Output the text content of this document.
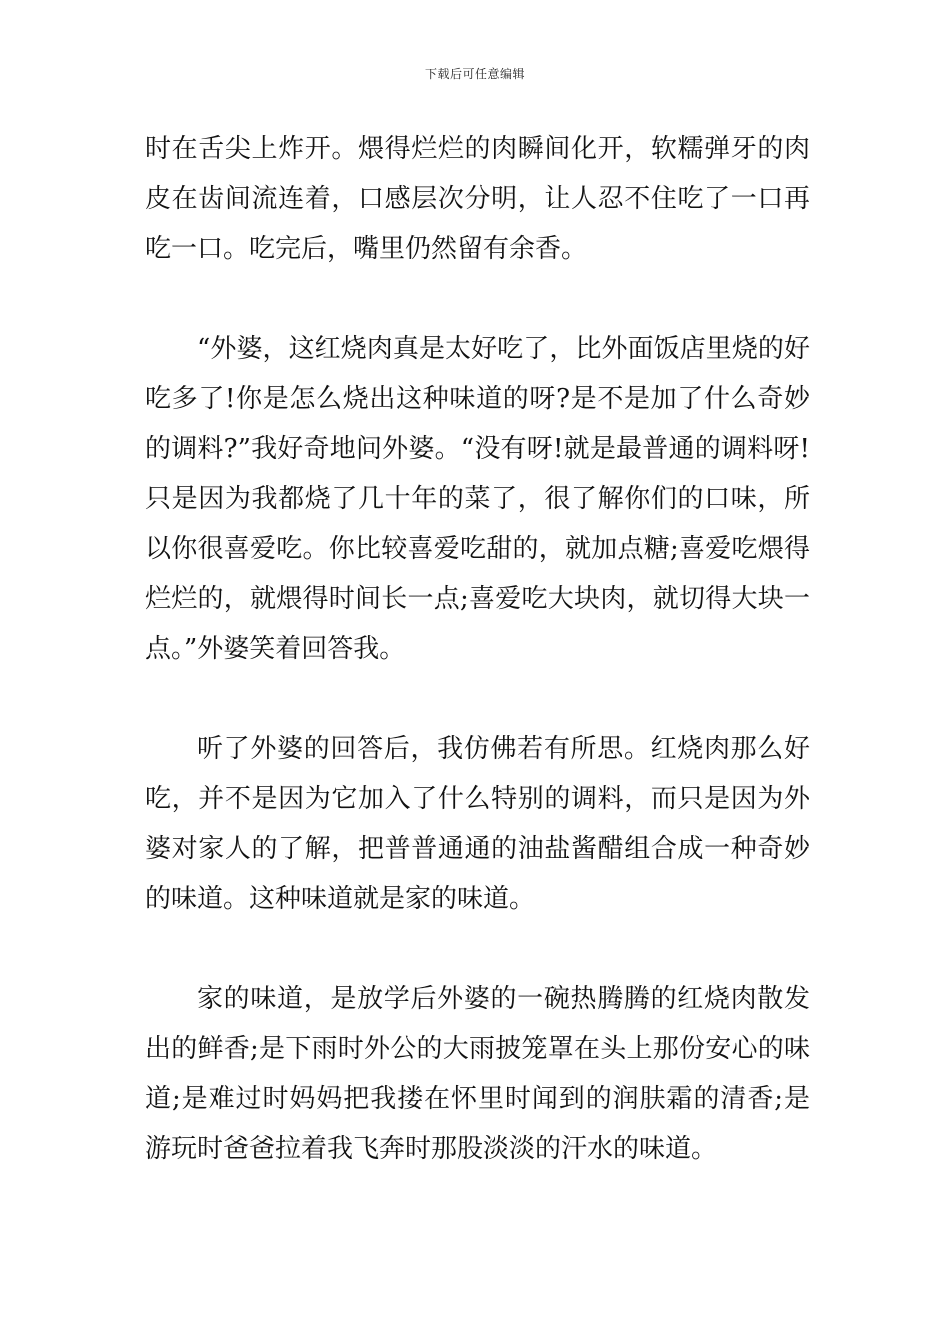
下载后可任意编辑

时在舌尖上炸开。煨得烂烂的肉瞬间化开，软糯弹牙的肉皮在齿间流连着，口感层次分明，让人忍不住吃了一口再吃一口。吃完后，嘴里仍然留有余香。

“外婆，这红烧肉真是太好吃了，比外面饭店里烧的好吃多了!你是怎么烧出这种味道的呀?是不是加了什么奇妙的调料?”我好奇地问外婆。“没有呀!就是最普通的调料呀!只是因为我都烧了几十年的菜了，很了解你们的口味，所以你很喜爱吃。你比较喜爱吃甜的，就加点糖;喜爱吃煨得烂烂的，就煨得时间长一点;喜爱吃大块肉，就切得大块一点。”外婆笑着回答我。

听了外婆的回答后，我仿佛若有所思。红烧肉那么好吃，并不是因为它加入了什么特别的调料，而只是因为外婆对家人的了解，把普普通通的油盐酱醋组合成一种奇妙的味道。这种味道就是家的味道。

家的味道，是放学后外婆的一碗热腾腾的红烧肉散发出的鲜香;是下雨时外公的大雨披笼罩在头上那份安心的味道;是难过时妈妈把我搂在怀里时闻到的润肤霜的清香;是游玩时爸爸拉着我飞奔时那股淡淡的汗水的味道。
